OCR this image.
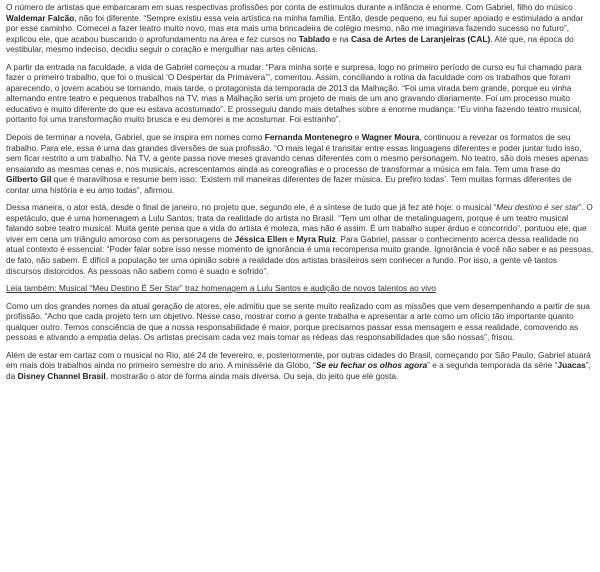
O número de artistas que embarcaram em suas respectivas profissões por conta de estímulos durante a infância é enorme. Com Gabriel, filho do músico Waldemar Falcão, não foi diferente. “Sempre existiu essa veia artística na minha família. Então, desde pequeno, eu fui super apoiado e estimulado a andar por esse caminho. Comecei a fazer teatro muito novo, mas era mais uma brincadeira de colégio mesmo, não me imaginava fazendo sucesso no futuro”, explicou ele, que acabou buscando o aprofundamento na área e fez cursos no Tablado e na Casa de Artes de Laranjeiras (CAL). Até que, na época do vestibular, mesmo indeciso, decidiu seguir o coração e mergulhar nas artes cênicas.

A partir da entrada na faculdade, a vida de Gabriel começou a mudar. “Para minha sorte e surpresa, logo no primeiro período de curso eu fui chamado para fazer o primeiro trabalho, que foi o musical ‘O Despertar da Primavera’”, comentou. Assim, conciliando a rotina da faculdade com os trabalhos que foram aparecendo, o jovem acabou se tornando, mais tarde, o protagonista da temporada de 2013 da Malhação. “Foi uma virada bem grande, porque eu vinha alternando entre teatro e pequenos trabalhos na TV, mas a Malhação seria um projeto de mais de um ano gravando diariamente. Foi um processo muito educativo e muito diferente do que eu estava acostumado”. E prosseguiu dando mais detalhes sobre a enorme mudança: “Eu vinha fazendo teatro musical, portanto foi uma transformação muito brusca e eu demorei a me acostumar. Foi estranho”.

Depois de terminar a novela, Gabriel, que se inspira em nomes como Fernanda Montenegro e Wagner Moura, continuou a revezar os formatos de seu trabalho. Para ele, essa é uma das grandes diversões de sua profissão. “O mais legal é transitar entre essas linguagens diferentes e poder juntar tudo isso, sem ficar restrito a um trabalho. Na TV, a gente passa nove meses gravando cenas diferentes com o mesmo personagem. No teatro, são dois meses apenas ensaiando as mesmas cenas e, nos musicais, acrescentamos ainda as coreografias e o processo de transformar a música em fala. Tem uma frase do Gilberto Gil que é maravilhosa e resume bem isso: ‘Existem mil maneiras diferentes de fazer música. Eu prefiro todas’. Tem muitas formas diferentes de contar uma história e eu amo todas”, afirmou.

Dessa maneira, o ator está, desde o final de janeiro, no projeto que, segundo ele, é a síntese de tudo que já fez até hoje: o musical “Meu destino é ser star”. O espetáculo, que é uma homenagem a Lulu Santos, trata da realidade do artista no Brasil. “Tem um olhar de metalinguagem, porque é um teatro musical falando sobre teatro musical. Muita gente pensa que a vida do artista é moleza, mas não é assim. É um trabalho super árduo e concorrido”, pontuou ele, que viver em cena um triângulo amoroso com as personagens de Jéssica Ellen e Myra Ruiz. Para Gabriel, passar o conhecimento acerca dessa realidade no atual contexto é essencial: “Poder falar sobre isso nesse momento de ignorância é uma recompensa muito grande. Ignorância é você não saber e as pessoas, de fato, não sabem. É difícil a população ter uma opinião sobre a realidade dos artistas brasileiros sem conhecer a fundo. Por isso, a gente vê tantos discursos distorcidos. As pessoas não sabem como é suado e sofrido”.

Leia também: Musical “Meu Destino É Ser Star” traz homenagem a Lulu Santos e audição de novos talentos ao vivo

Como um dos grandes nomes da atual geração de atores, ele admitiu que se sente muito realizado com as missões que vem desempenhando a partir de sua profissão. “Acho que cada projeto tem um objetivo. Nesse caso, mostrar como a gente trabalha e apresentar a arte como um ofício tão importante quanto qualquer outro. Temos consciência de que a nossa responsabilidade é maior, porque precisamos passar essa mensagem e essa realidade, comovendo as pessoas e ativando a empatia delas. Os artistas precisam cada vez mais tomar as rédeas das responsabilidades que são nossas”, frisou.

Além de estar em cartaz com o musical no Rio, até 24 de fevereiro, e, posteriormente, por outras cidades do Brasil, começando por São Paulo, Gabriel atuará em mais dois trabalhos ainda no primeiro semestre do ano. A minissérie da Globo, “Se eu fechar os olhos agora” e a segunda temporada da série “Juacas”, da Disney Channel Brasil, mostrarão o ator de forma ainda mais diversa. Ou seja, do jeito que ele gosta.
